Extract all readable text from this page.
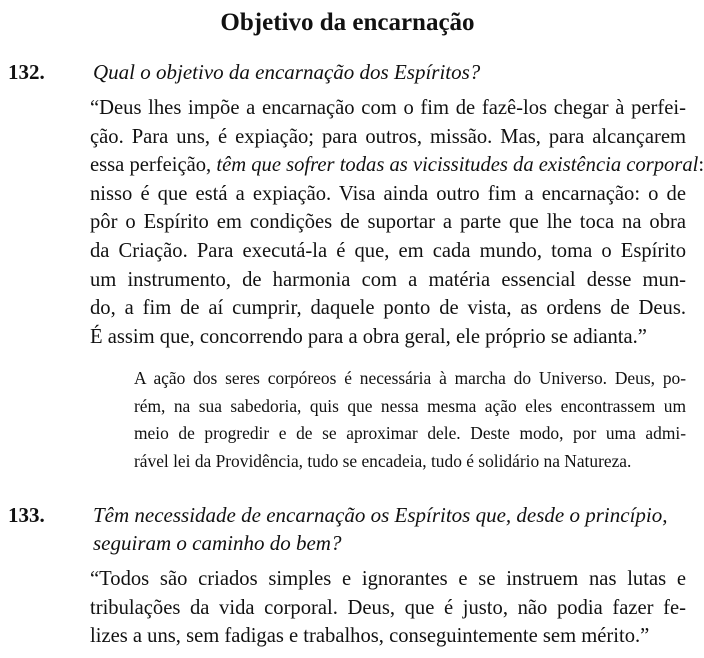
Objetivo da encarnação
132. Qual o objetivo da encarnação dos Espíritos?

“Deus lhes impõe a encarnação com o fim de fazê-los chegar à perfei-
ção. Para uns, é expiação; para outros, missão. Mas, para alcançarem
essa perfeição, têm que sofrer todas as vicissitudes da existência corporal:
nisso é que está a expiação. Visa ainda outro fim a encarnação: o de
pôr o Espírito em condições de suportar a parte que lhe toca na obra
da Criação. Para executá-la é que, em cada mundo, toma o Espírito
um instrumento, de harmonia com a matéria essencial desse mun-
do, a fim de aí cumprir, daquele ponto de vista, as ordens de Deus.
É assim que, concorrendo para a obra geral, ele próprio se adianta.”
A ação dos seres corpóreos é necessária à marcha do Universo. Deus, po-
rém, na sua sabedoria, quis que nessa mesma ação eles encontrassem um
meio de progredir e de se aproximar dele. Deste modo, por uma admi-
rável lei da Providência, tudo se encadeia, tudo é solidário na Natureza.
133. Têm necessidade de encarnação os Espíritos que, desde o princípio,
seguiram o caminho do bem?

“Todos são criados simples e ignorantes e se instruem nas lutas e
tribulações da vida corporal. Deus, que é justo, não podia fazer fe-
lizes a uns, sem fadigas e trabalhos, conseguintemente sem mérito.”
